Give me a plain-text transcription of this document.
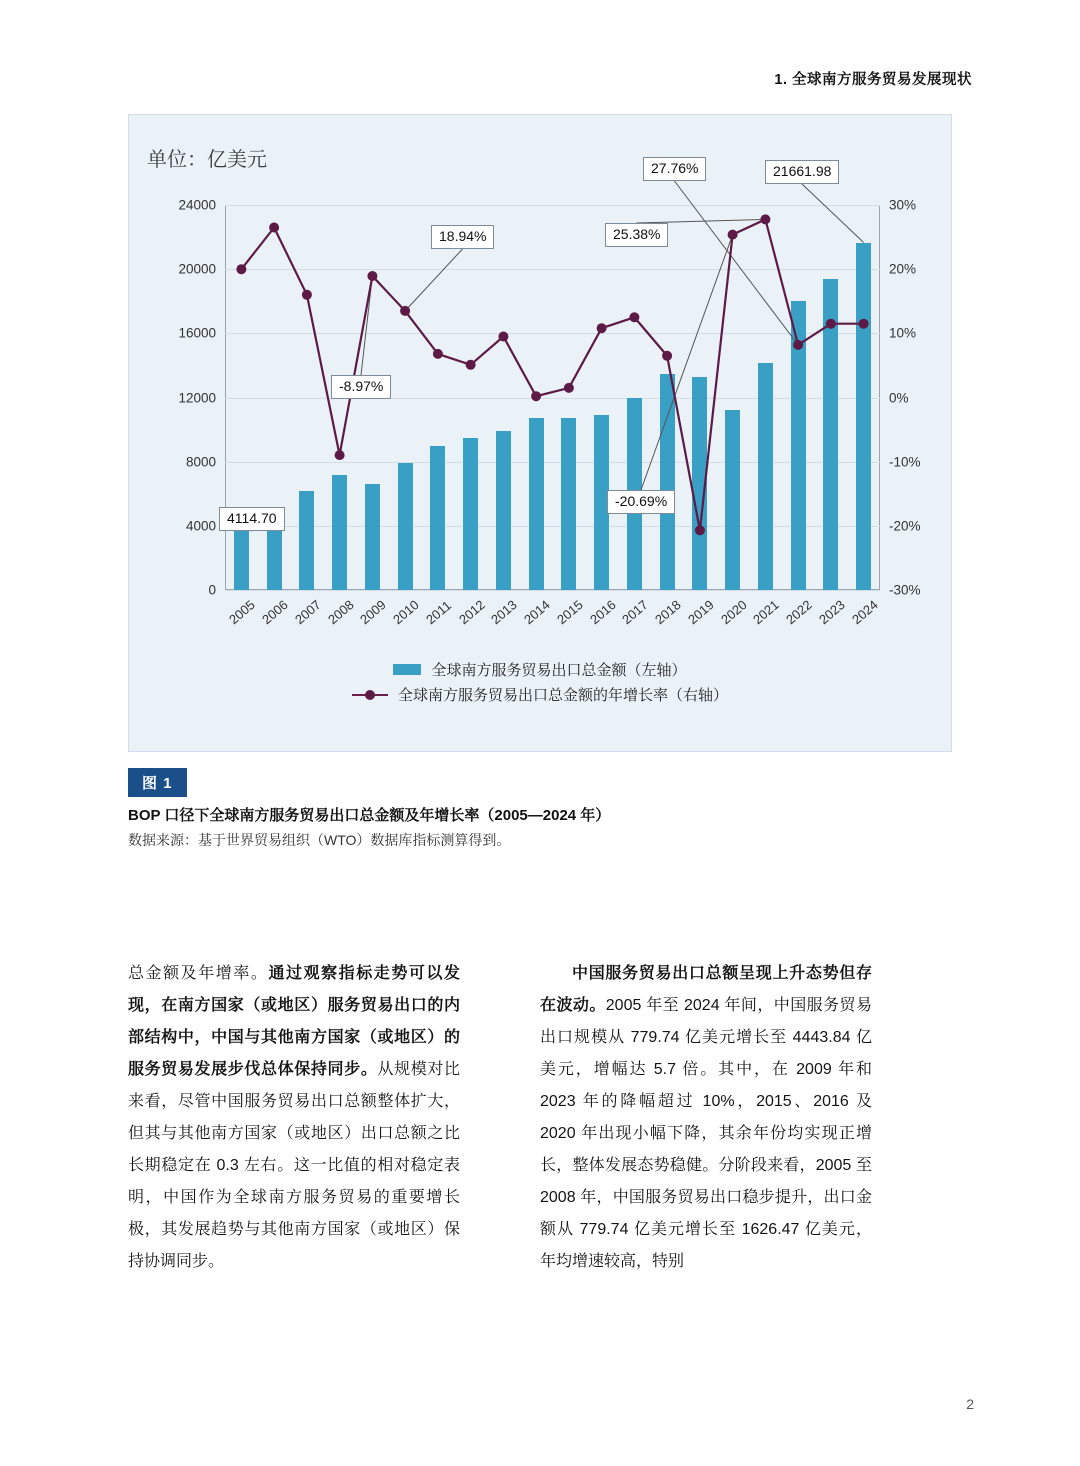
1. 全球南方服务贸易发展现状
单位：亿美元
0
4000
8000
12000
16000
20000
24000
-30%
-20%
-10%
0%
10%
20%
30%
2005 2006 2007 2008 2009 2010 2011 2012 2013 2014 2015 2016 2017 2018 2019 2020 2021 2022 2023 2024
4114.70
-8.97%
18.94%
-20.69%
25.38%
27.76%	21661.98
全球南方服务贸易出口总金额（左轴）
全球南方服务贸易出口总金额的年增长率（右轴）
图 1
BOP 口径下全球南方服务贸易出口总金额及年增长率（2005—2024 年）
数据来源：基于世界贸易组织（WTO）数据库指标测算得到。

总金额及年增率。通过观察指标走势可以发现，在南方国家（或地区）服务贸易出口的内部结构中，中国与其他南方国家（或地区）的服务贸易发展步伐总体保持同步。从规模对比来看，尽管中国服务贸易出口总额整体扩大，但其与其他南方国家（或地区）出口总额之比长期稳定在 0.3 左右。这一比值的相对稳定表明，中国作为全球南方服务贸易的重要增长极，其发展趋势与其他南方国家（或地区）保持协调同步。

中国服务贸易出口总额呈现上升态势但存在波动。2005 年至 2024 年间，中国服务贸易出口规模从 779.74 亿美元增长至 4443.84 亿美元，增幅达 5.7 倍。其中，在 2009 年和 2023 年的降幅超过 10%，2015、2016 及 2020 年出现小幅下降，其余年份均实现正增长，整体发展态势稳健。分阶段来看，2005 至 2008 年，中国服务贸易出口稳步提升，出口金额从 779.74 亿美元增长至 1626.47 亿美元，年均增速较高，特别

2
